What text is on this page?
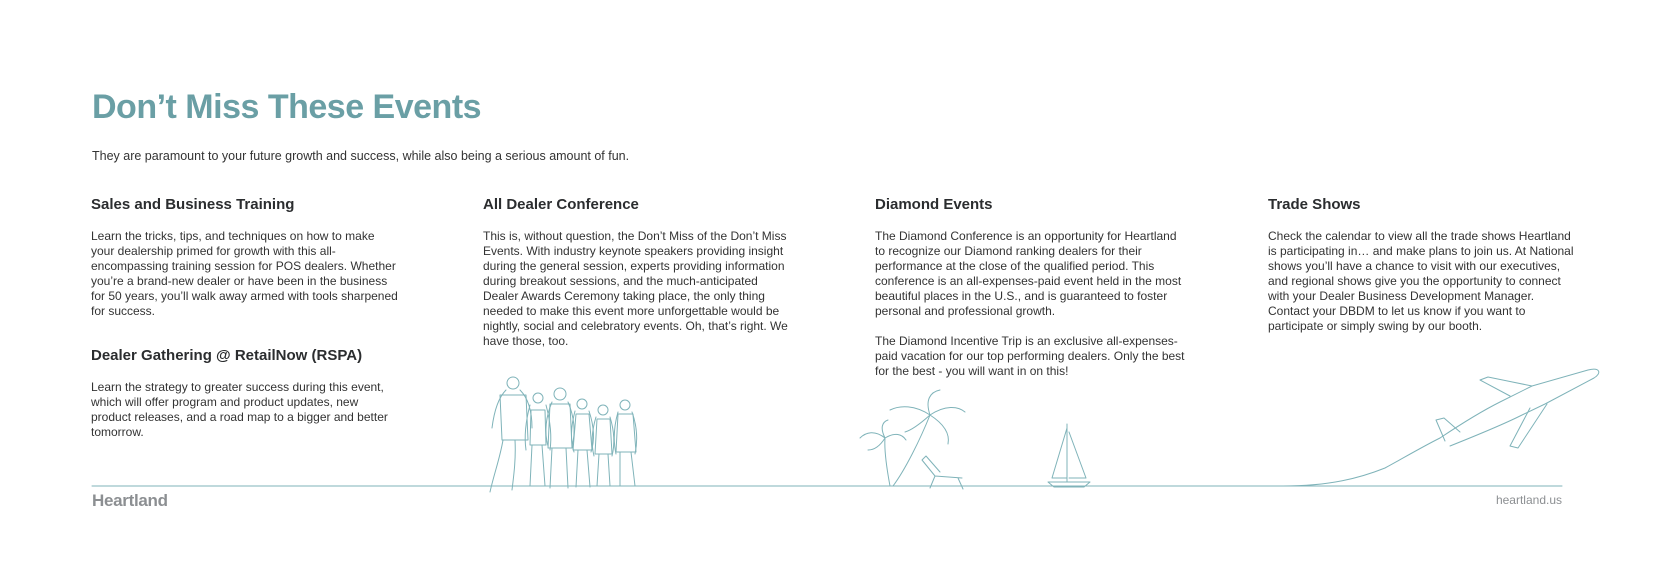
Don’t Miss These Events

They are paramount to your future growth and success, while also being a serious amount of fun.

Sales and Business Training

Learn the tricks, tips, and techniques on how to make your dealership primed for growth with this all-encompassing training session for POS dealers. Whether you’re a brand-new dealer or have been in the business for 50 years, you’ll walk away armed with tools sharpened for success.

Dealer Gathering @ RetailNow (RSPA)

Learn the strategy to greater success during this event, which will offer program and product updates, new product releases, and a road map to a bigger and better tomorrow.

All Dealer Conference

This is, without question, the Don’t Miss of the Don’t Miss Events. With industry keynote speakers providing insight during the general session, experts providing information during breakout sessions, and the much-anticipated Dealer Awards Ceremony taking place, the only thing needed to make this event more unforgettable would be nightly, social and celebratory events. Oh, that’s right. We have those, too.

Diamond Events

The Diamond Conference is an opportunity for Heartland to recognize our Diamond ranking dealers for their performance at the close of the qualified period. This conference is an all-expenses-paid event held in the most beautiful places in the U.S., and is guaranteed to foster personal and professional growth.

The Diamond Incentive Trip is an exclusive all-expenses-paid vacation for our top performing dealers. Only the best for the best - you will want in on this!

Trade Shows

Check the calendar to view all the trade shows Heartland is participating in… and make plans to join us. At National shows you’ll have a chance to visit with our executives, and regional shows give you the opportunity to connect with your Dealer Business Development Manager. Contact your DBDM to let us know if you want to participate or simply swing by our booth.

Heartland	heartland.us
